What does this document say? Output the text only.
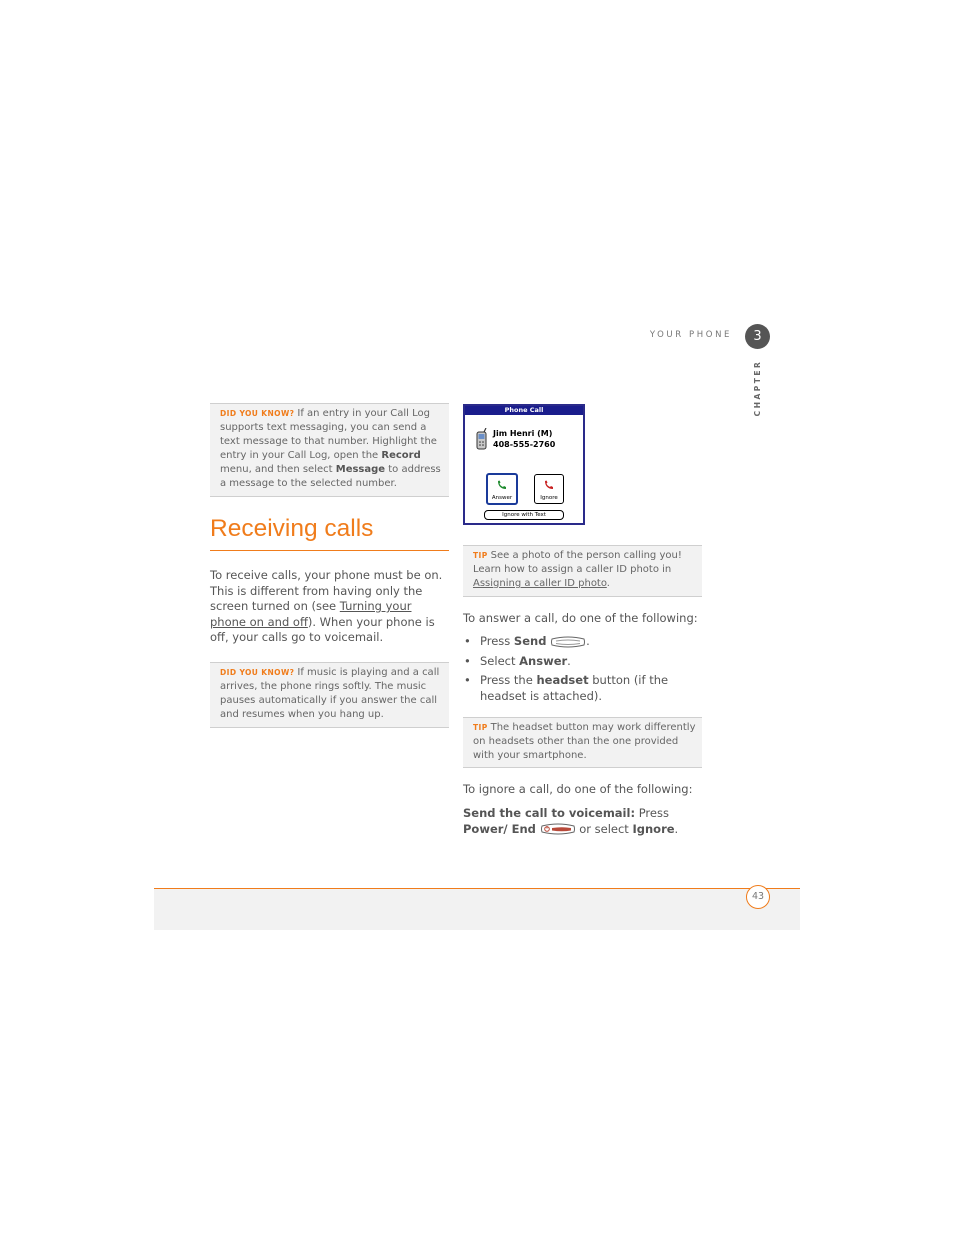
YOUR PHONE	3
CHAPTER
DID YOU KNOW? If an entry in your Call Log supports text messaging, you can send a text message to that number. Highlight the entry in your Call Log, open the Record menu, and then select Message to address a message to the selected number.
Receiving calls
To receive calls, your phone must be on. This is different from having only the screen turned on (see Turning your phone on and off). When your phone is off, your calls go to voicemail.
DID YOU KNOW? If music is playing and a call arrives, the phone rings softly. The music pauses automatically if you answer the call and resumes when you hang up.
Phone Call
Jim Henri (M)
408-555-2760
Answer	Ignore
Ignore with Text
TIP See a photo of the person calling you! Learn how to assign a caller ID photo in Assigning a caller ID photo.
To answer a call, do one of the following:
• Press Send	.
• Select Answer.
• Press the headset button (if the headset is attached).
TIP The headset button may work differently on headsets other than the one provided with your smartphone.
To ignore a call, do one of the following:
Send the call to voicemail: Press Power/ End	or select Ignore.
43
